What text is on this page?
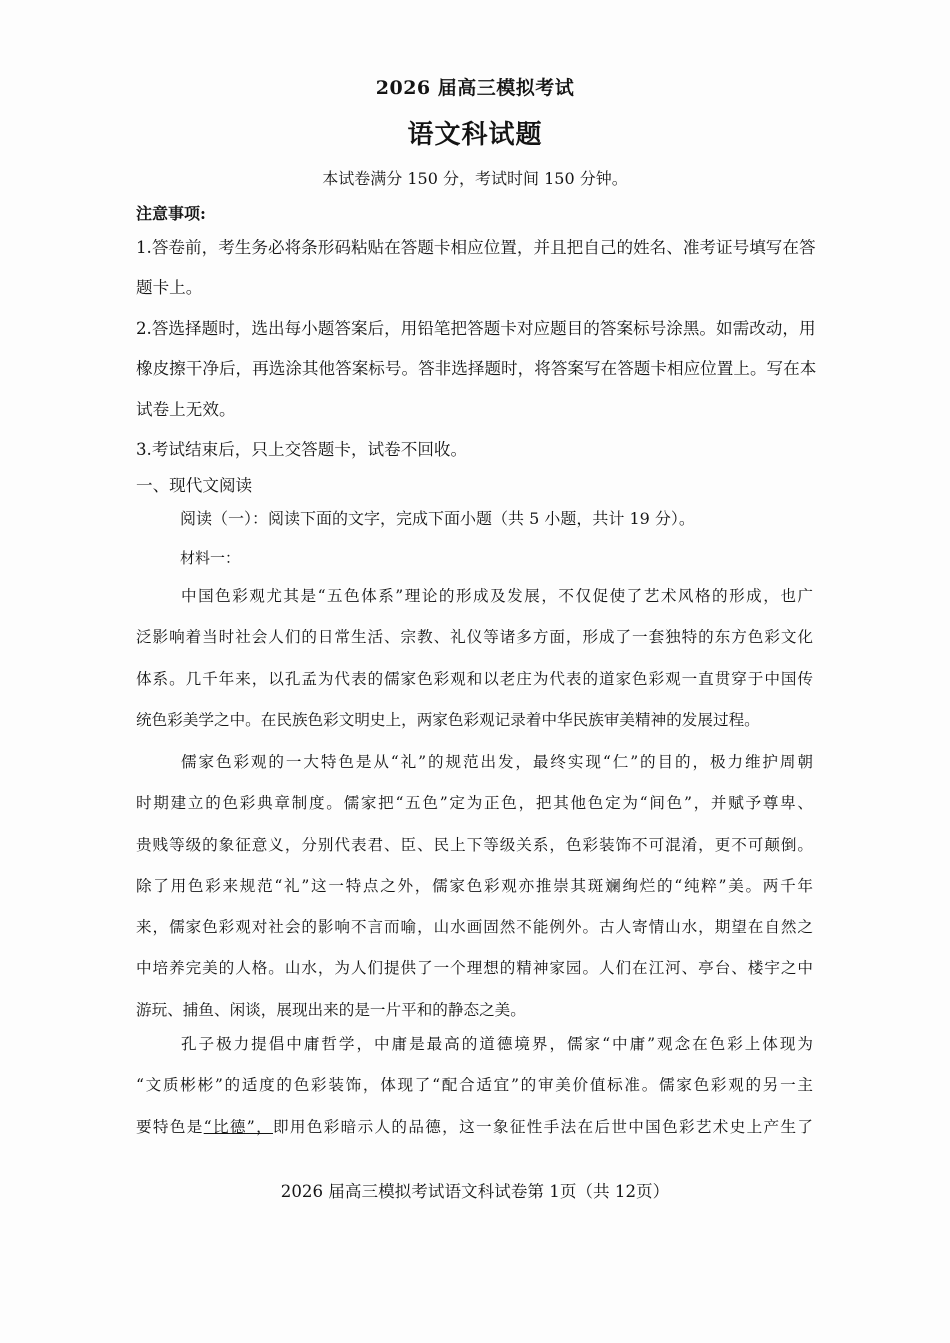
2026 届高三模拟考试
语文科试题
本试卷满分 150 分，考试时间 150 分钟。
注意事项:
1.答卷前，考生务必将条形码粘贴在答题卡相应位置，并且把自己的姓名、准考证号填写在答
题卡上。
2.答选择题时，选出每小题答案后，用铅笔把答题卡对应题目的答案标号涂黑。如需改动，用
橡皮擦干净后，再选涂其他答案标号。答非选择题时，将答案写在答题卡相应位置上。写在本
试卷上无效。
3.考试结束后，只上交答题卡，试卷不回收。
一、现代文阅读
阅读（一）：阅读下面的文字，完成下面小题（共 5 小题，共计 19 分）。
材料一：
中国色彩观尤其是“五色体系”理论的形成及发展，不仅促使了艺术风格的形成，也广
泛影响着当时社会人们的日常生活、宗教、礼仪等诸多方面，形成了一套独特的东方色彩文化
体系。几千年来，以孔孟为代表的儒家色彩观和以老庄为代表的道家色彩观一直贯穿于中国传
统色彩美学之中。在民族色彩文明史上，两家色彩观记录着中华民族审美精神的发展过程。
儒家色彩观的一大特色是从“礼”的规范出发，最终实现“仁”的目的，极力维护周朝
时期建立的色彩典章制度。儒家把“五色”定为正色，把其他色定为“间色”，并赋予尊卑、
贵贱等级的象征意义，分别代表君、臣、民上下等级关系，色彩装饰不可混淆，更不可颠倒。
除了用色彩来规范“礼”这一特点之外，儒家色彩观亦推崇其斑斓绚烂的“纯粹”美。两千年
来，儒家色彩观对社会的影响不言而喻，山水画固然不能例外。古人寄情山水，期望在自然之
中培养完美的人格。山水，为人们提供了一个理想的精神家园。人们在江河、亭台、楼宇之中
游玩、捕鱼、闲谈，展现出来的是一片平和的静态之美。
孔子极力提倡中庸哲学，中庸是最高的道德境界，儒家“中庸”观念在色彩上体现为
“文质彬彬”的适度的色彩装饰，体现了“配合适宜”的审美价值标准。儒家色彩观的另一主
要特色是“比德”，即用色彩暗示人的品德，这一象征性手法在后世中国色彩艺术史上产生了
2026 届高三模拟考试语文科试卷第 1页（共 12页）
